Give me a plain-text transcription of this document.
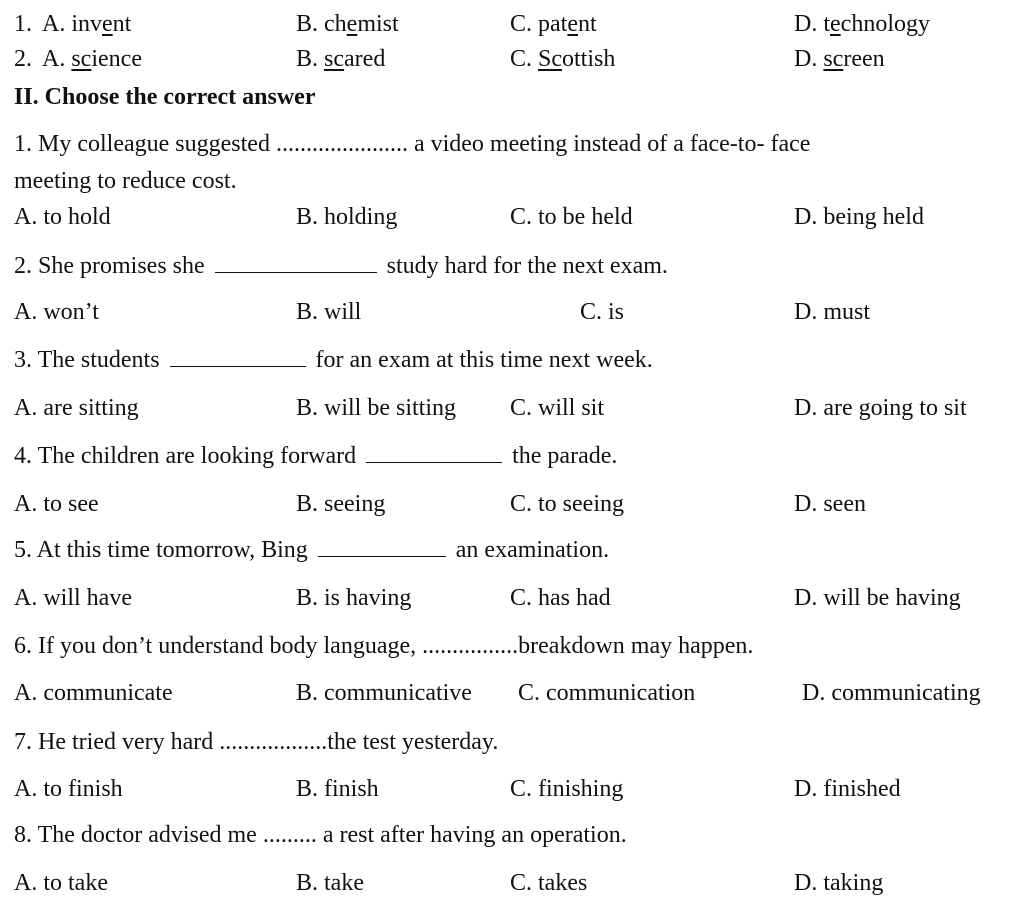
1. A. invent	B. chemist	C. patent	D. technology
2. A. science	B. scared	C. Scottish	D. screen
II. Choose the correct answer
1. My colleague suggested ...................... a video meeting instead of a face-to- face
meeting to reduce cost.
A. to hold	B. holding	C. to be held	D. being held
2. She promises she	study hard for the next exam.
A. won’t	B. will	C. is	D. must
3. The students	for an exam at this time next week.
A. are sitting	B. will be sitting C. will sit	D. are going to sit
4. The children are looking forward	the parade.
A. to see	B. seeing	C. to seeing	D. seen
5. At this time tomorrow, Bing	an examination.
A. will have	B. is having	C. has had	D. will be having
6. If you don’t understand body language, ................breakdown may happen.
A. communicate	B. communicative C. communication	D. communicating
7. He tried very hard ..................the test yesterday.
A. to finish	B. finish	C. finishing	D. finished
8. The doctor advised me ......... a rest after having an operation.
A. to take	B. take	C. takes	D. taking
